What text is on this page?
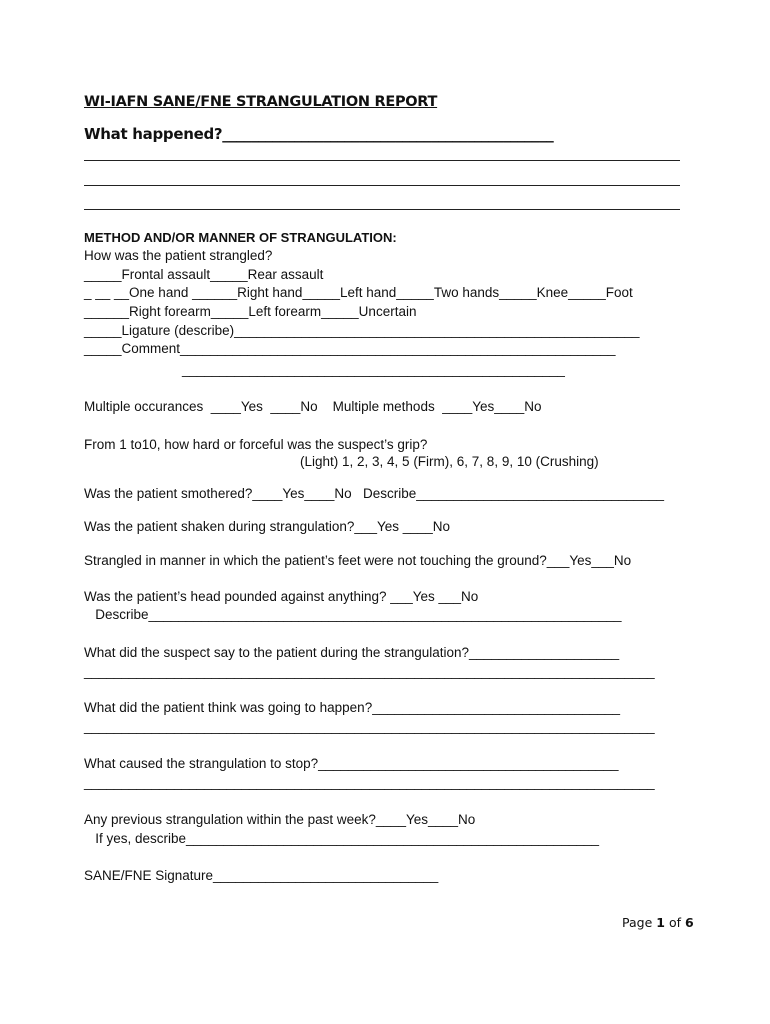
WI-IAFN SANE/FNE STRANGULATION REPORT
What happened?______________________________________________
METHOD AND/OR MANNER OF STRANGULATION:
How was the patient strangled?
_____Frontal assault_____Rear assault
_ __ __One hand ______Right hand_____Left hand_____Two hands_____Knee_____Foot
______Right forearm_____Left forearm_____Uncertain
_____Ligature (describe)______________________________________________________
_____Comment__________________________________________________________
___________________________________________________
Multiple occurances  ____Yes  ____No    Multiple methods  ____Yes____No
From 1 to10, how hard or forceful was the suspect’s grip?
(Light) 1, 2, 3, 4, 5 (Firm), 6, 7, 8, 9, 10 (Crushing)
Was the patient smothered?____Yes____No   Describe_________________________________
Was the patient shaken during strangulation?___Yes ____No
Strangled in manner in which the patient’s feet were not touching the ground?___Yes___No
Was the patient’s head pounded against anything? ___Yes ___No
Describe_______________________________________________________________
What did the suspect say to the patient during the strangulation?____________________
____________________________________________________________________________
What did the patient think was going to happen?_________________________________
____________________________________________________________________________
What caused the strangulation to stop?________________________________________
____________________________________________________________________________
Any previous strangulation within the past week?____Yes____No
If yes, describe_______________________________________________________
SANE/FNE Signature______________________________
Page 1 of 6
